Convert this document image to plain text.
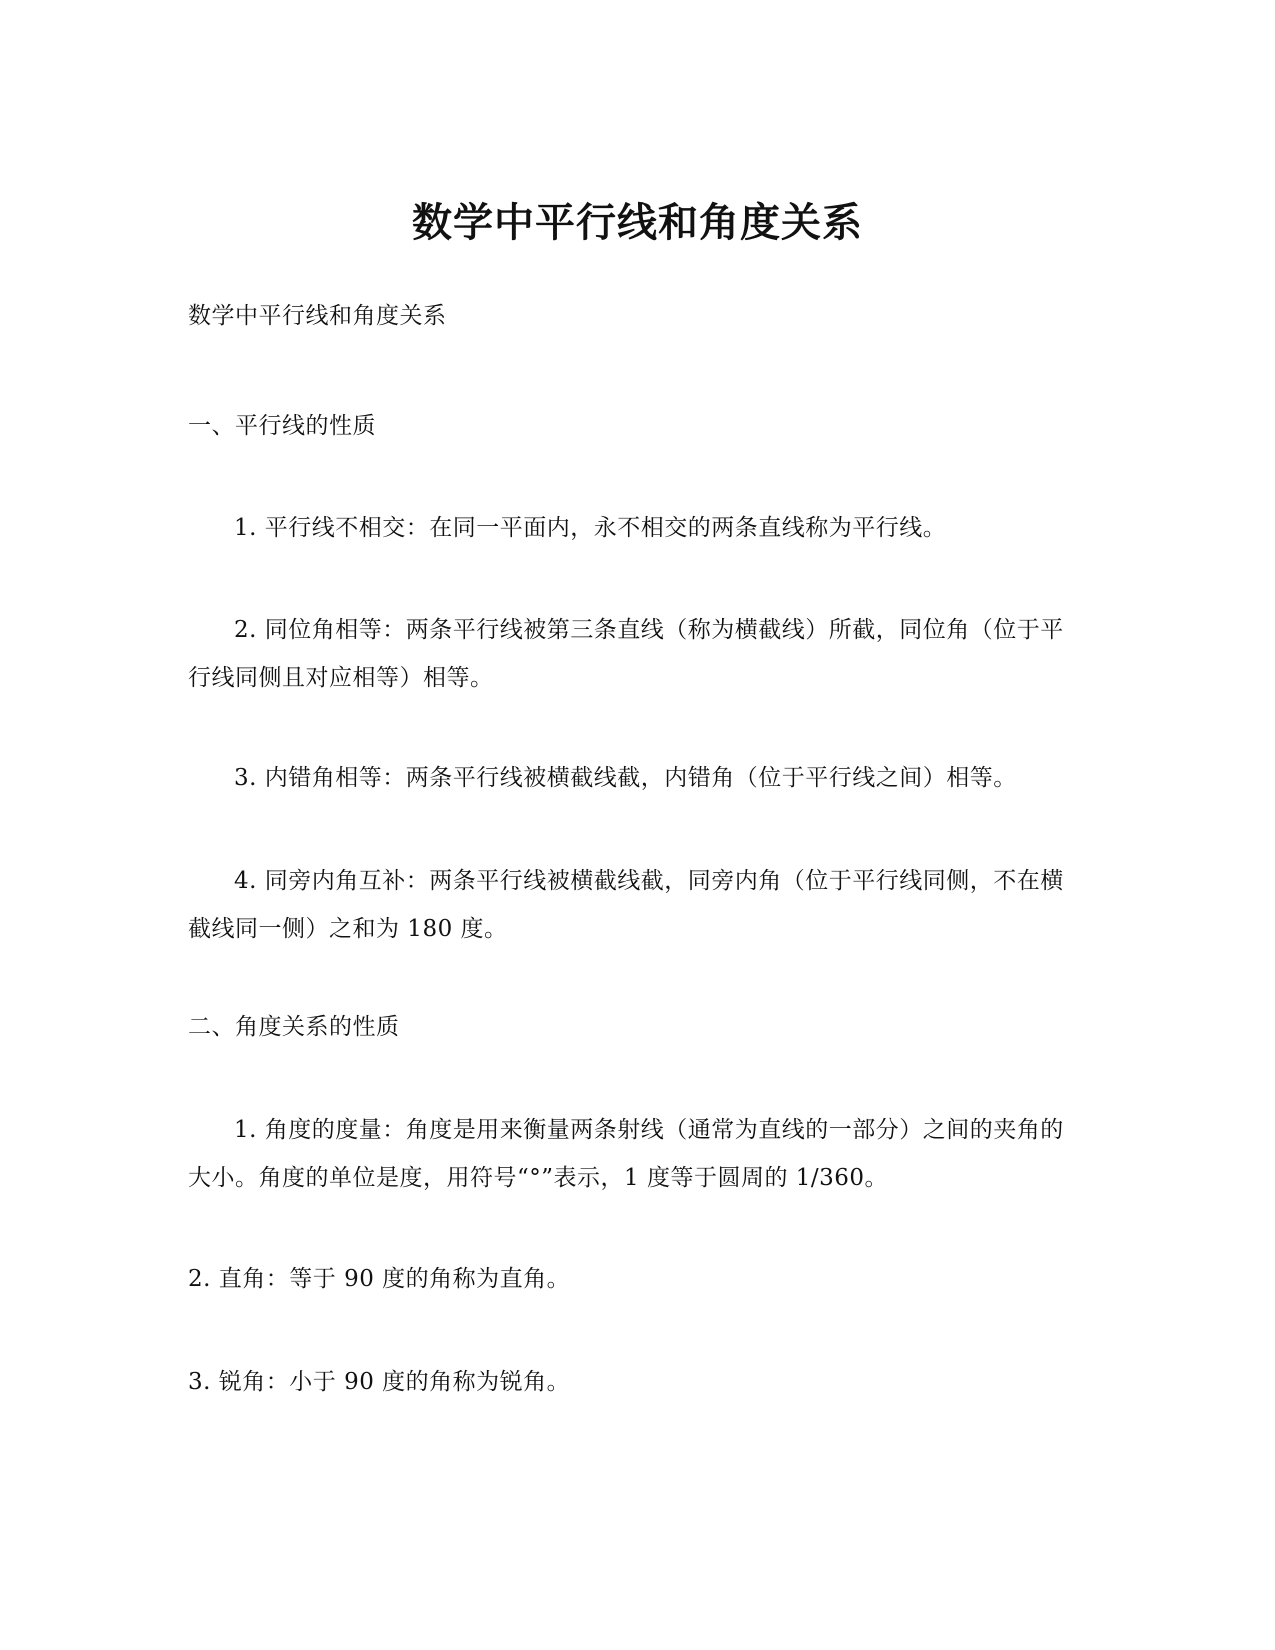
数学中平行线和角度关系

数学中平行线和角度关系

一、平行线的性质

1. 平行线不相交：在同一平面内，永不相交的两条直线称为平行线。

2. 同位角相等：两条平行线被第三条直线（称为横截线）所截，同位角（位于平行线同侧且对应相等）相等。

3. 内错角相等：两条平行线被横截线截，内错角（位于平行线之间）相等。

4. 同旁内角互补：两条平行线被横截线截，同旁内角（位于平行线同侧，不在横截线同一侧）之和为 180 度。

二、角度关系的性质

1. 角度的度量：角度是用来衡量两条射线（通常为直线的一部分）之间的夹角的大小。角度的单位是度，用符号“°”表示，1 度等于圆周的 1/360。

2. 直角：等于 90 度的角称为直角。

3. 锐角：小于 90 度的角称为锐角。
